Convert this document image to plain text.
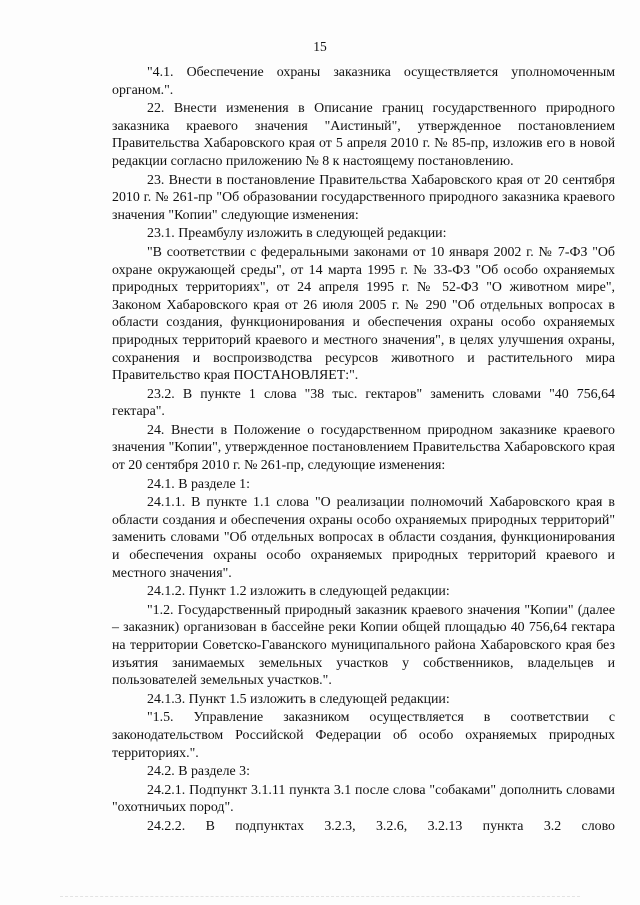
15

"4.1. Обеспечение охраны заказника осуществляется уполномоченным органом.".

22. Внести изменения в Описание границ государственного природного заказника краевого значения "Аистиный", утвержденное постановлением Правительства Хабаровского края от 5 апреля 2010 г. № 85-пр, изложив его в новой редакции согласно приложению № 8 к настоящему постановлению.

23. Внести в постановление Правительства Хабаровского края от 20 сентября 2010 г. № 261-пр "Об образовании государственного природного заказника краевого значения "Копии" следующие изменения:

23.1. Преамбулу изложить в следующей редакции:

"В соответствии с федеральными законами от 10 января 2002 г. № 7-ФЗ "Об охране окружающей среды", от 14 марта 1995 г. № 33-ФЗ "Об особо охраняемых природных территориях", от 24 апреля 1995 г. № 52-ФЗ "О животном мире", Законом Хабаровского края от 26 июля 2005 г. № 290 "Об отдельных вопросах в области создания, функционирования и обеспечения охраны особо охраняемых природных территорий краевого и местного значения", в целях улучшения охраны, сохранения и воспроизводства ресурсов животного и растительного мира Правительство края ПОСТАНОВЛЯЕТ:".

23.2. В пункте 1 слова "38 тыс. гектаров" заменить словами "40 756,64 гектара".

24. Внести в Положение о государственном природном заказнике краевого значения "Копии", утвержденное постановлением Правительства Хабаровского края от 20 сентября 2010 г. № 261-пр, следующие изменения:

24.1. В разделе 1:

24.1.1. В пункте 1.1 слова "О реализации полномочий Хабаровского края в области создания и обеспечения охраны особо охраняемых природных территорий" заменить словами "Об отдельных вопросах в области создания, функционирования и обеспечения охраны особо охраняемых природных территорий краевого и местного значения".

24.1.2. Пункт 1.2 изложить в следующей редакции:

"1.2. Государственный природный заказник краевого значения "Копии" (далее – заказник) организован в бассейне реки Копии общей площадью 40 756,64 гектара на территории Советско-Гаванского муниципального района Хабаровского края без изъятия занимаемых земельных участков у собственников, владельцев и пользователей земельных участков.".

24.1.3. Пункт 1.5 изложить в следующей редакции:

"1.5. Управление заказником осуществляется в соответствии с законодательством Российской Федерации об особо охраняемых природных территориях.".

24.2. В разделе 3:

24.2.1. Подпункт 3.1.11 пункта 3.1 после слова "собаками" дополнить словами "охотничьих пород".

24.2.2. В подпунктах 3.2.3, 3.2.6, 3.2.13 пункта 3.2 слово
